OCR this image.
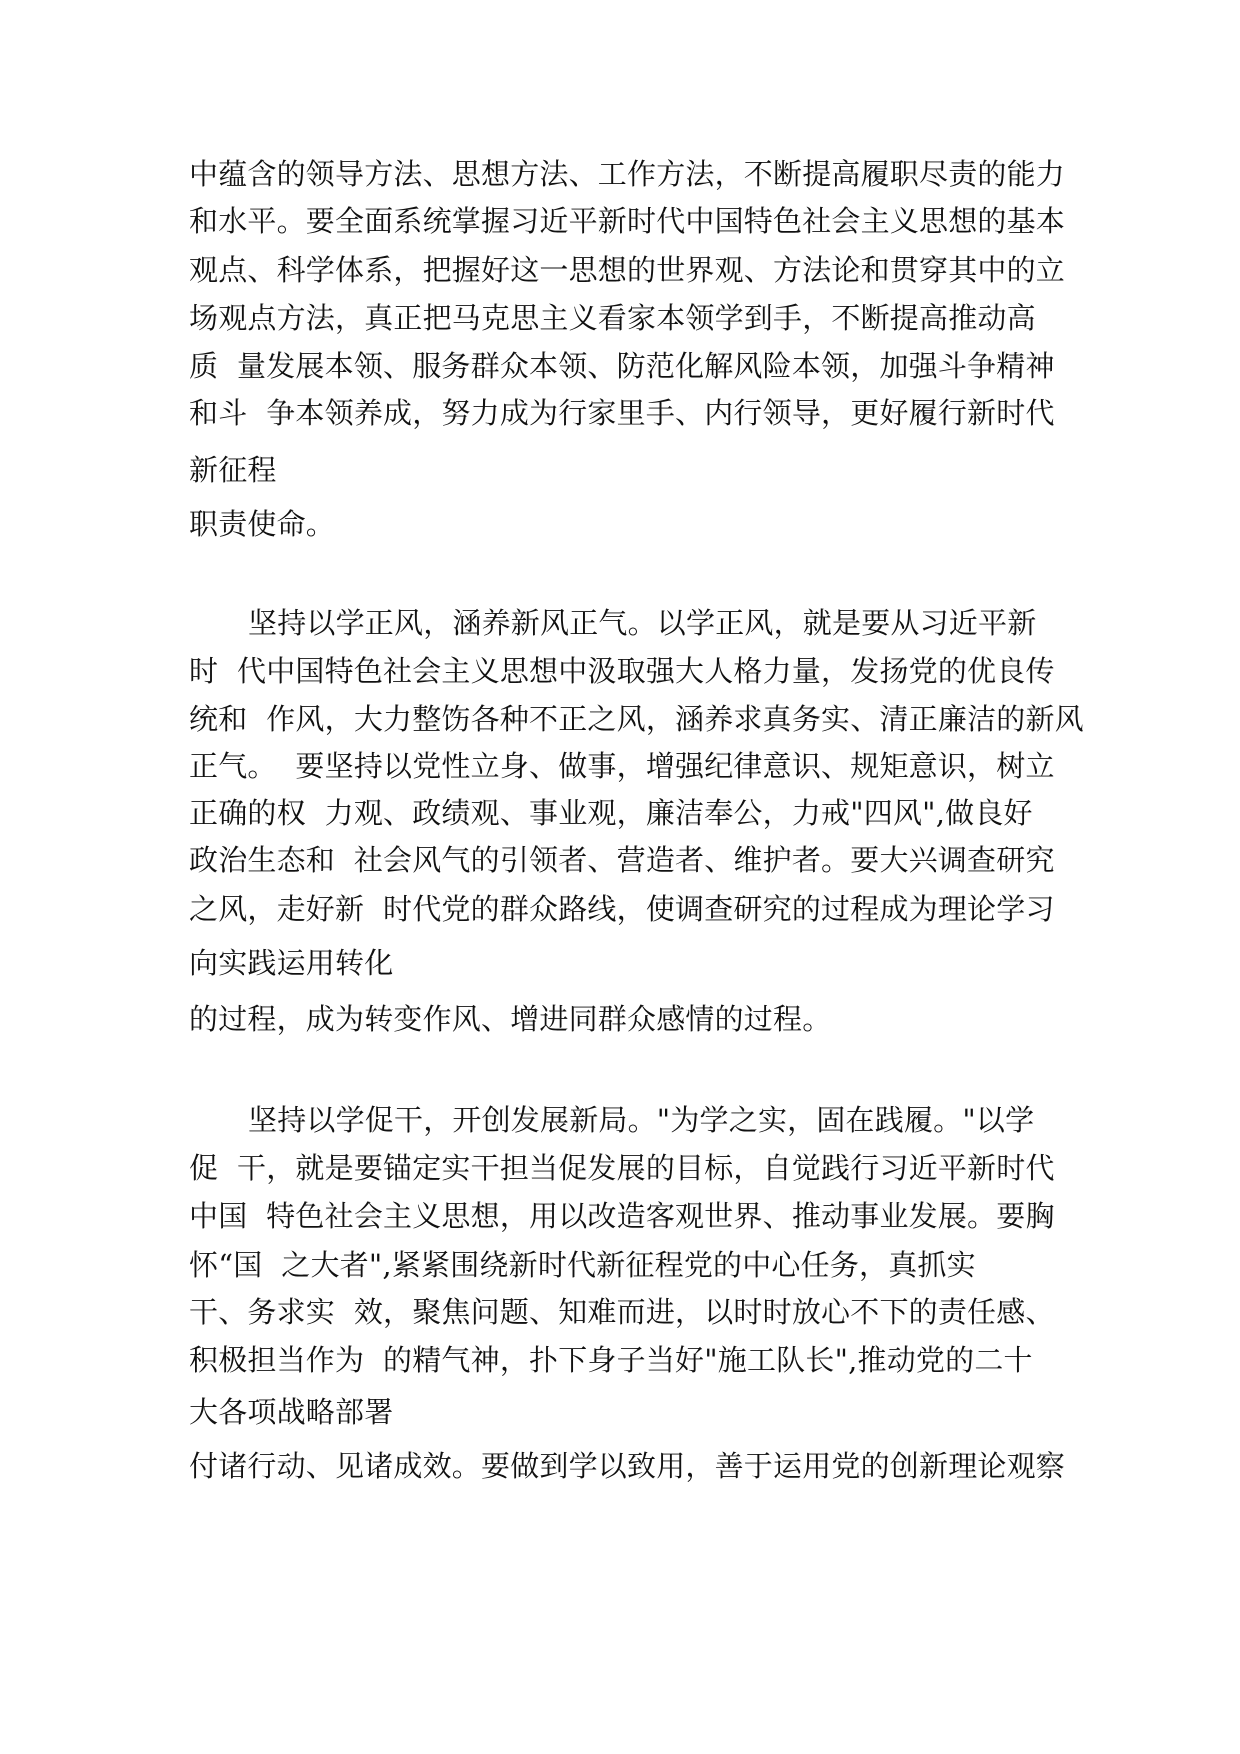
中蕴含的领导方法、思想方法、工作方法，不断提高履职尽责的能力

和水平。要全面系统掌握习近平新时代中国特色社会主义思想的基本

观点、科学体系，把握好这一思想的世界观、方法论和贯穿其中的立

场观点方法，真正把马克思主义看家本领学到手，不断提高推动高

质  量发展本领、服务群众本领、防范化解风险本领，加强斗争精神

和斗  争本领养成，努力成为行家里手、内行领导，更好履行新时代

新征程

职责使命。

坚持以学正风，涵养新风正气。以学正风，就是要从习近平新

时  代中国特色社会主义思想中汲取强大人格力量，发扬党的优良传

统和  作风，大力整饬各种不正之风，涵养求真务实、清正廉洁的新风

正气。  要坚持以党性立身、做事，增强纪律意识、规矩意识，树立

正确的权  力观、政绩观、事业观，廉洁奉公，力戒"四风",做良好

政治生态和  社会风气的引领者、营造者、维护者。要大兴调查研究

之风，走好新  时代党的群众路线，使调查研究的过程成为理论学习

向实践运用转化

的过程，成为转变作风、增进同群众感情的过程。

坚持以学促干，开创发展新局。"为学之实，固在践履。"以学

促  干，就是要锚定实干担当促发展的目标，自觉践行习近平新时代

中国  特色社会主义思想，用以改造客观世界、推动事业发展。要胸

怀“国  之大者",紧紧围绕新时代新征程党的中心任务，真抓实

干、务求实  效，聚焦问题、知难而进，以时时放心不下的责任感、

积极担当作为  的精气神，扑下身子当好"施工队长",推动党的二十

大各项战略部署

付诸行动、见诸成效。要做到学以致用，善于运用党的创新理论观察
